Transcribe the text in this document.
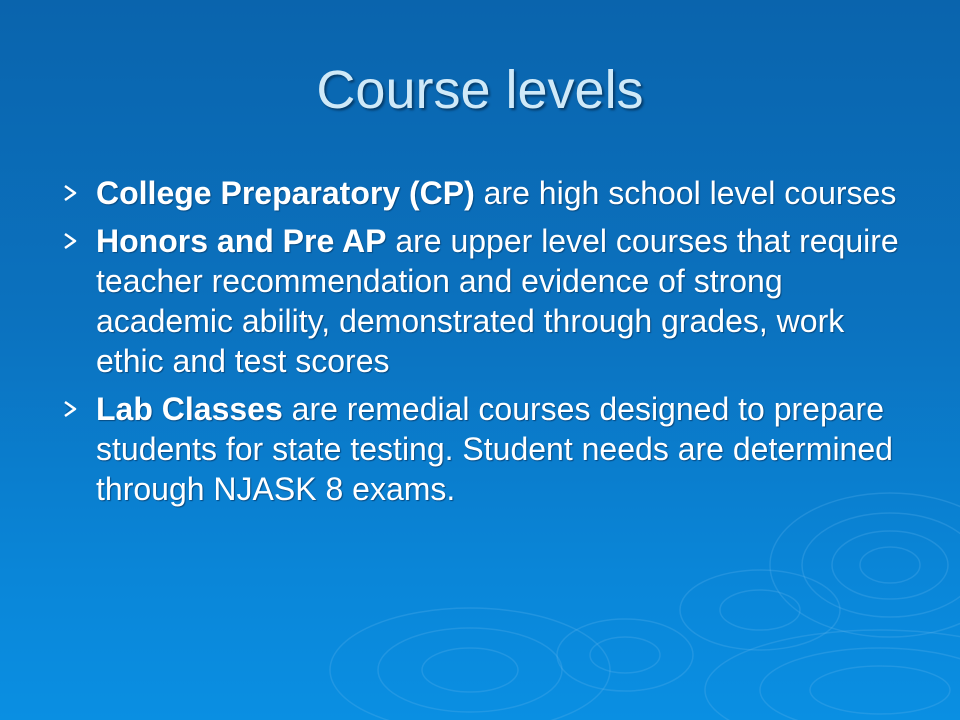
Course levels
College Preparatory (CP) are high school level courses
Honors and Pre AP are upper level courses that require teacher recommendation and evidence of strong academic ability, demonstrated through grades, work ethic and test scores
Lab Classes are remedial courses designed to prepare students for state testing. Student needs are determined through NJASK 8 exams.
